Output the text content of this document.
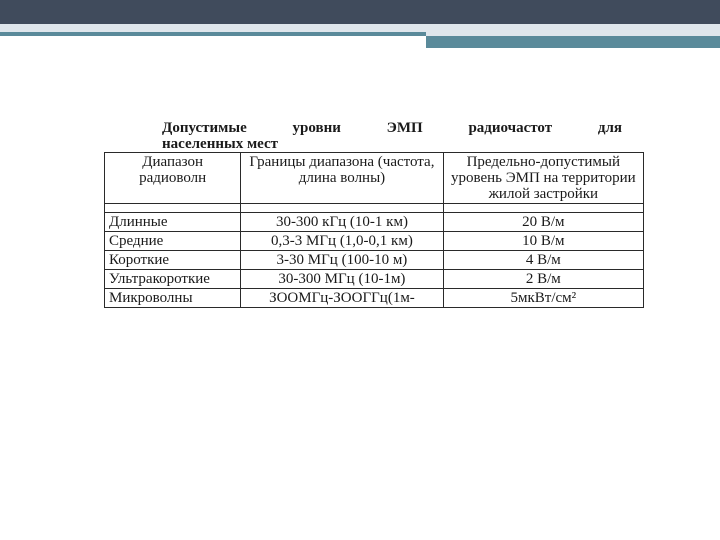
Допустимые уровни ЭМП радиочастот для
населенных мест
Диапазон радиоволн	Границы диапазона (частота, длина волны)	Предельно-допустимый уровень ЭМП на территории жилой застройки

Длинные	30-300 кГц (10-1 км)	20 В/м
Средние	0,3-3 МГц (1,0-0,1 км)	10 В/м
Короткие	3-30 МГц (100-10 м)	4 В/м
Ультракороткие	30-300 МГц (10-1м)	2 В/м
Микроволны	ЗООМГц-ЗООГГц(1м-	5мкВт/см²
